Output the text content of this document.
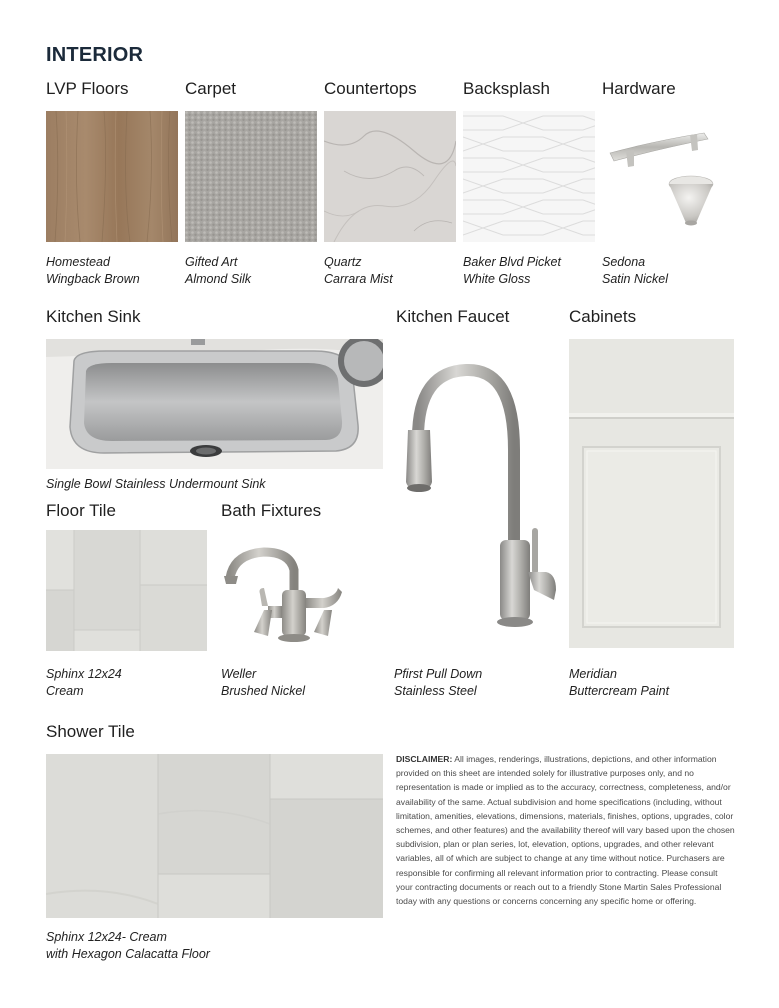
INTERIOR
LVP Floors	Carpet	Countertops	Backsplash	Hardware
Homestead
Wingback Brown
Gifted Art
Almond Silk
Quartz
Carrara Mist
Baker Blvd Picket
White Gloss
Sedona
Satin Nickel
Kitchen Sink	Kitchen Faucet	Cabinets
Single Bowl Stainless Undermount Sink
Pfirst Pull Down
Stainless Steel
Meridian
Buttercream Paint
Floor Tile	Bath Fixtures
Sphinx 12x24
Cream
Weller
Brushed Nickel
Shower Tile
Sphinx 12x24- Cream
with Hexagon Calacatta Floor
DISCLAIMER: All images, renderings, illustrations, depictions, and other information provided on this sheet are intended solely for illustrative purposes only, and no representation is made or implied as to the accuracy, correctness, completeness, and/or availability of the same. Actual subdivision and home specifications (including, without limitation, amenities, elevations, dimensions, materials, finishes, options, upgrades, color schemes, and other features) and the availability thereof will vary based upon the chosen subdivision, plan or plan series, lot, elevation, options, upgrades, and other relevant variables, all of which are subject to change at any time without notice. Purchasers are responsible for confirming all relevant information prior to contracting. Please consult your contracting documents or reach out to a friendly Stone Martin Sales Professional today with any questions or concerns concerning any specific home or offering.
